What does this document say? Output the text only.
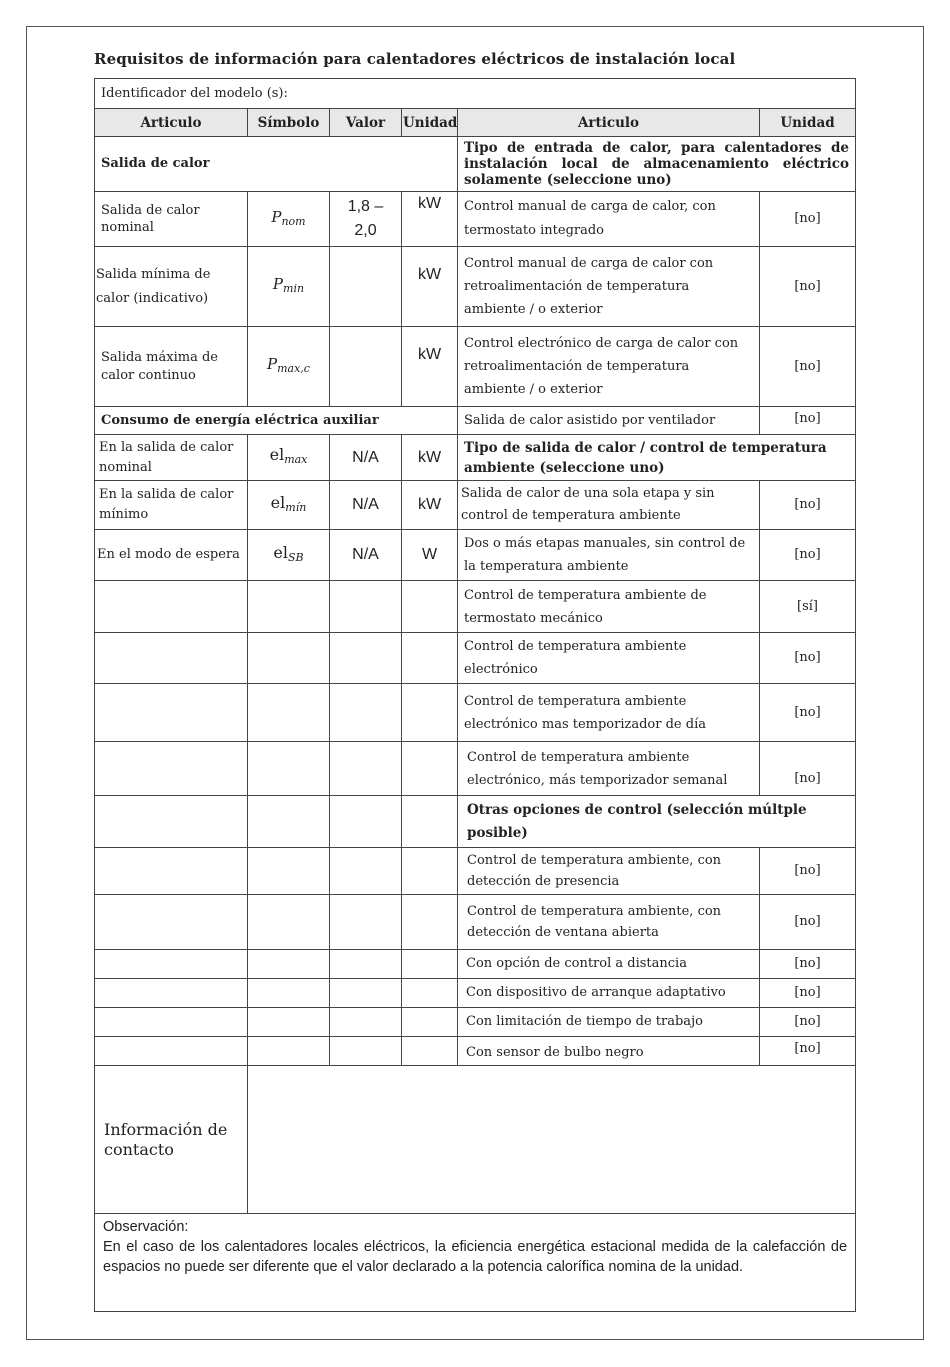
Requisitos de información para calentadores eléctricos de instalación local
Identificador del modelo (s):					
Articulo	Símbolo	Valor	Unidad	Articulo	Unidad
Salida de calor				Tipo de entrada de calor, para calentadores de instalación local de almacenamiento eléctrico solamente (seleccione uno)	
Salida de calor nominal	$P_{nom}$	1,8 – 2,0	kW	Control manual de carga de calor, con termostato integrado	[no]
Salida mínima de calor (indicativo)	$P_{min}$		kW	Control manual de carga de calor con retroalimentación de temperatura ambiente / o exterior	[no]
Salida máxima de calor continuo	$P_{max,c}$		kW	Control electrónico de carga de calor con retroalimentación de temperatura ambiente / o exterior	[no]
Consumo de energía eléctrica auxiliar				Salida de calor asistido por ventilador	[no]
En la salida de calor nominal	$el_{max}$	N/A	kW	Tipo de salida de calor / control de temperatura ambiente (seleccione uno)	
En la salida de calor mínimo	$el_{mín}$	N/A	kW	Salida de calor de una sola etapa y sin control de temperatura ambiente	[no]
En el modo de espera	$el_{SB}$	N/A	W	Dos o más etapas manuales, sin control de la temperatura ambiente	[no]
				Control de temperatura ambiente de termostato mecánico	[sí]
				Control de temperatura ambiente electrónico	[no]
				Control de temperatura ambiente electrónico mas temporizador de día	[no]
				Control de temperatura ambiente electrónico, más temporizador semanal	[no]
				Otras opciones de control (selección múltple posible)	
				Control de temperatura ambiente, con detección de presencia	[no]
				Control de temperatura ambiente, con detección de ventana abierta	[no]
				Con opción de control a distancia	[no]
				Con dispositivo de arranque adaptativo	[no]
				Con limitación de tiempo de trabajo	[no]
				Con sensor de bulbo negro	[no]
Información de contacto					

Observación:
En el caso de los calentadores locales eléctricos, la eficiencia energética estacional medida de la calefacción de espacios no puede ser diferente que el valor declarado a la potencia calorífica nomina de la unidad.					
